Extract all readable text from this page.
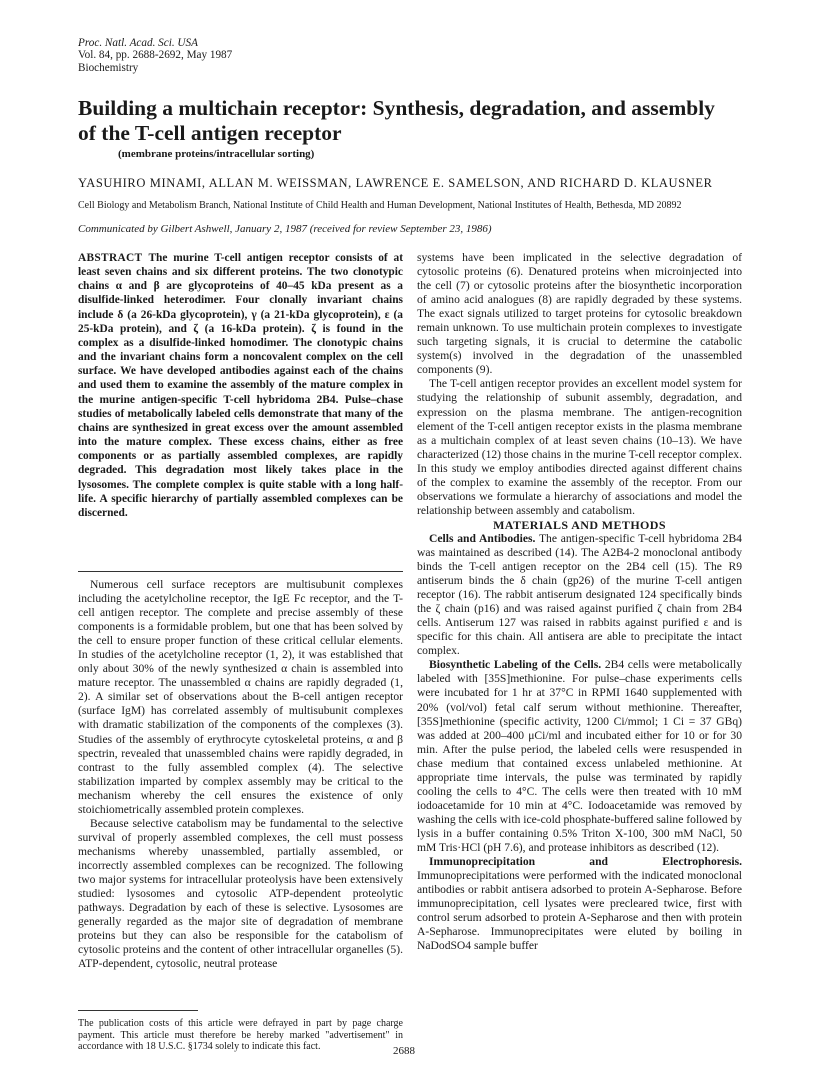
Proc. Natl. Acad. Sci. USA
Vol. 84, pp. 2688-2692, May 1987
Biochemistry
Building a multichain receptor: Synthesis, degradation, and assembly of the T-cell antigen receptor
(membrane proteins/intracellular sorting)
YASUHIRO MINAMI, ALLAN M. WEISSMAN, LAWRENCE E. SAMELSON, AND RICHARD D. KLAUSNER
Cell Biology and Metabolism Branch, National Institute of Child Health and Human Development, National Institutes of Health, Bethesda, MD 20892
Communicated by Gilbert Ashwell, January 2, 1987 (received for review September 23, 1986)
ABSTRACT The murine T-cell antigen receptor consists of at least seven chains and six different proteins. The two clonotypic chains α and β are glycoproteins of 40–45 kDa present as a disulfide-linked heterodimer. Four clonally invariant chains include δ (a 26-kDa glycoprotein), γ (a 21-kDa glycoprotein), ε (a 25-kDa protein), and ζ (a 16-kDa protein). ζ is found in the complex as a disulfide-linked homodimer. The clonotypic chains and the invariant chains form a noncovalent complex on the cell surface. We have developed antibodies against each of the chains and used them to examine the assembly of the mature complex in the murine antigen-specific T-cell hybridoma 2B4. Pulse–chase studies of metabolically labeled cells demonstrate that many of the chains are synthesized in great excess over the amount assembled into the mature complex. These excess chains, either as free components or as partially assembled complexes, are rapidly degraded. This degradation most likely takes place in the lysosomes. The complete complex is quite stable with a long half-life. A specific hierarchy of partially assembled complexes can be discerned.

Numerous cell surface receptors are multisubunit complexes including the acetylcholine receptor, the IgE Fc receptor, and the T-cell antigen receptor. The complete and precise assembly of these components is a formidable problem, but one that has been solved by the cell to ensure proper function of these critical cellular elements. In studies of the acetylcholine receptor (1, 2), it was established that only about 30% of the newly synthesized α chain is assembled into mature receptor. The unassembled α chains are rapidly degraded (1, 2). A similar set of observations about the B-cell antigen receptor (surface IgM) has correlated assembly of multisubunit complexes with dramatic stabilization of the components of the complexes (3). Studies of the assembly of erythrocyte cytoskeletal proteins, α and β spectrin, revealed that unassembled chains were rapidly degraded, in contrast to the fully assembled complex (4). The selective stabilization imparted by complex assembly may be critical to the mechanism whereby the cell ensures the existence of only stoichiometrically assembled protein complexes.

Because selective catabolism may be fundamental to the selective survival of properly assembled complexes, the cell must possess mechanisms whereby unassembled, partially assembled, or incorrectly assembled complexes can be recognized. The following two major systems for intracellular proteolysis have been extensively studied: lysosomes and cytosolic ATP-dependent proteolytic pathways. Degradation by each of these is selective. Lysosomes are generally regarded as the major site of degradation of membrane proteins but they can also be responsible for the catabolism of cytosolic proteins and the content of other intracellular organelles (5). ATP-dependent, cytosolic, neutral protease

systems have been implicated in the selective degradation of cytosolic proteins (6). Denatured proteins when microinjected into the cell (7) or cytosolic proteins after the biosynthetic incorporation of amino acid analogues (8) are rapidly degraded by these systems. The exact signals utilized to target proteins for cytosolic breakdown remain unknown. To use multichain protein complexes to investigate such targeting signals, it is crucial to determine the catabolic system(s) involved in the degradation of the unassembled components (9).

The T-cell antigen receptor provides an excellent model system for studying the relationship of subunit assembly, degradation, and expression on the plasma membrane. The antigen-recognition element of the T-cell antigen receptor exists in the plasma membrane as a multichain complex of at least seven chains (10–13). We have characterized (12) those chains in the murine T-cell receptor complex. In this study we employ antibodies directed against different chains of the complex to examine the assembly of the receptor. From our observations we formulate a hierarchy of associations and model the relationship between assembly and catabolism.

MATERIALS AND METHODS

Cells and Antibodies. The antigen-specific T-cell hybridoma 2B4 was maintained as described (14). The A2B4-2 monoclonal antibody binds the T-cell antigen receptor on the 2B4 cell (15). The R9 antiserum binds the δ chain (gp26) of the murine T-cell antigen receptor (16). The rabbit antiserum designated 124 specifically binds the ζ chain (p16) and was raised against purified ζ chain from 2B4 cells. Antiserum 127 was raised in rabbits against purified ε and is specific for this chain. All antisera are able to precipitate the intact complex.

Biosynthetic Labeling of the Cells. 2B4 cells were metabolically labeled with [35S]methionine. For pulse–chase experiments cells were incubated for 1 hr at 37°C in RPMI 1640 supplemented with 20% (vol/vol) fetal calf serum without methionine. Thereafter, [35S]methionine (specific activity, 1200 Ci/mmol; 1 Ci = 37 GBq) was added at 200–400 μCi/ml and incubated either for 10 or for 30 min. After the pulse period, the labeled cells were resuspended in chase medium that contained excess unlabeled methionine. At appropriate time intervals, the pulse was terminated by rapidly cooling the cells to 4°C. The cells were then treated with 10 mM iodoacetamide for 10 min at 4°C. Iodoacetamide was removed by washing the cells with ice-cold phosphate-buffered saline followed by lysis in a buffer containing 0.5% Triton X-100, 300 mM NaCl, 50 mM Tris·HCl (pH 7.6), and protease inhibitors as described (12).

Immunoprecipitation and Electrophoresis. Immunoprecipitations were performed with the indicated monoclonal antibodies or rabbit antisera adsorbed to protein A-Sepharose. Before immunoprecipitation, cell lysates were precleared twice, first with control serum adsorbed to protein A-Sepharose and then with protein A-Sepharose. Immunoprecipitates were eluted by boiling in NaDodSO4 sample buffer

The publication costs of this article were defrayed in part by page charge payment. This article must therefore be hereby marked "advertisement" in accordance with 18 U.S.C. §1734 solely to indicate this fact.	2688
